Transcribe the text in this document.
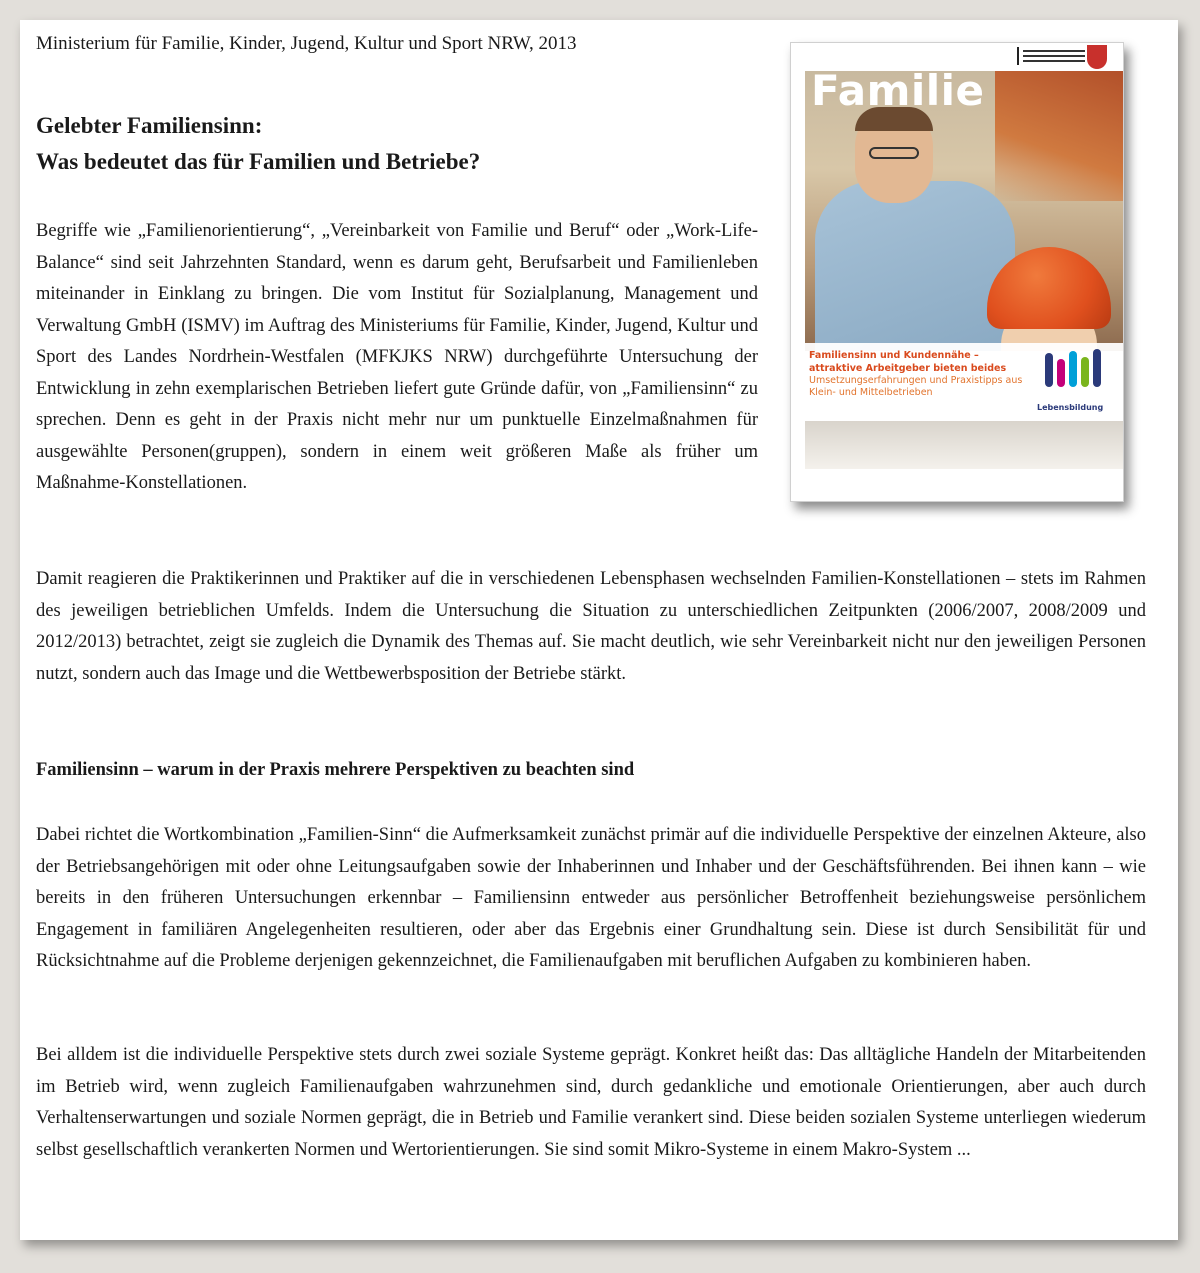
Ministerium für Familie, Kinder, Jugend, Kultur und Sport NRW, 2013
Gelebter Familiensinn:
Was bedeutet das für Familien und Betriebe?

Begriffe wie „Familienorientierung“, „Vereinbarkeit von Familie und Beruf“ oder „Work-Life-Balance“ sind seit Jahrzehnten Standard, wenn es darum geht, Berufsarbeit und Familienleben miteinander in Einklang zu bringen. Die vom Institut für Sozialplanung, Management und Verwaltung GmbH (ISMV) im Auftrag des Ministeriums für Familie, Kinder, Jugend, Kultur und Sport des Landes Nordrhein-Westfalen (MFKJKS NRW) durchgeführte Untersuchung der Entwicklung in zehn exemplarischen Betrieben liefert gute Gründe dafür, von „Familiensinn“ zu sprechen. Denn es geht in der Praxis nicht mehr nur um punktuelle Einzelmaßnahmen für ausgewählte Personen(gruppen), sondern in einem weit größeren Maße als früher um Maßnahme-Konstellationen.

Damit reagieren die Praktikerinnen und Praktiker auf die in verschiedenen Lebensphasen wechselnden Familien-Konstellationen – stets im Rahmen des jeweiligen betrieblichen Umfelds. Indem die Untersuchung die Situation zu unterschiedlichen Zeitpunkten (2006/2007, 2008/2009 und 2012/2013) betrachtet, zeigt sie zugleich die Dynamik des Themas auf. Sie macht deutlich, wie sehr Vereinbarkeit nicht nur den jeweiligen Personen nutzt, sondern auch das Image und die Wettbewerbsposition der Betriebe stärkt.

Familiensinn – warum in der Praxis mehrere Perspektiven zu beachten sind

Dabei richtet die Wortkombination „Familien-Sinn“ die Aufmerksamkeit zunächst primär auf die individuelle Perspektive der einzelnen Akteure, also der Betriebsangehörigen mit oder ohne Leitungsaufgaben sowie der Inhaberinnen und Inhaber und der Geschäftsführenden. Bei ihnen kann – wie bereits in den früheren Untersuchungen erkennbar – Familiensinn entweder aus persönlicher Betroffenheit beziehungsweise persönlichem Engagement in familiären Angelegenheiten resultieren, oder aber das Ergebnis einer Grundhaltung sein. Diese ist durch Sensibilität für und Rücksichtnahme auf die Probleme derjenigen gekennzeichnet, die Familienaufgaben mit beruflichen Aufgaben zu kombinieren haben.

Bei alldem ist die individuelle Perspektive stets durch zwei soziale Systeme geprägt. Konkret heißt das: Das alltägliche Handeln der Mitarbeitenden im Betrieb wird, wenn zugleich Familienaufgaben wahrzunehmen sind, durch gedankliche und emotionale Orientierungen, aber auch durch Verhaltenserwartungen und soziale Normen geprägt, die in Betrieb und Familie verankert sind. Diese beiden sozialen Systeme unterliegen wiederum selbst gesellschaftlich verankerten Normen und Wertorientierungen. Sie sind somit Mikro-Systeme in einem Makro-System ...

Familie
Familiensinn und Kundennähe – attraktive Arbeitgeber bieten beides
Umsetzungserfahrungen und Praxistipps aus Klein- und Mittelbetrieben
Lebensbildung
